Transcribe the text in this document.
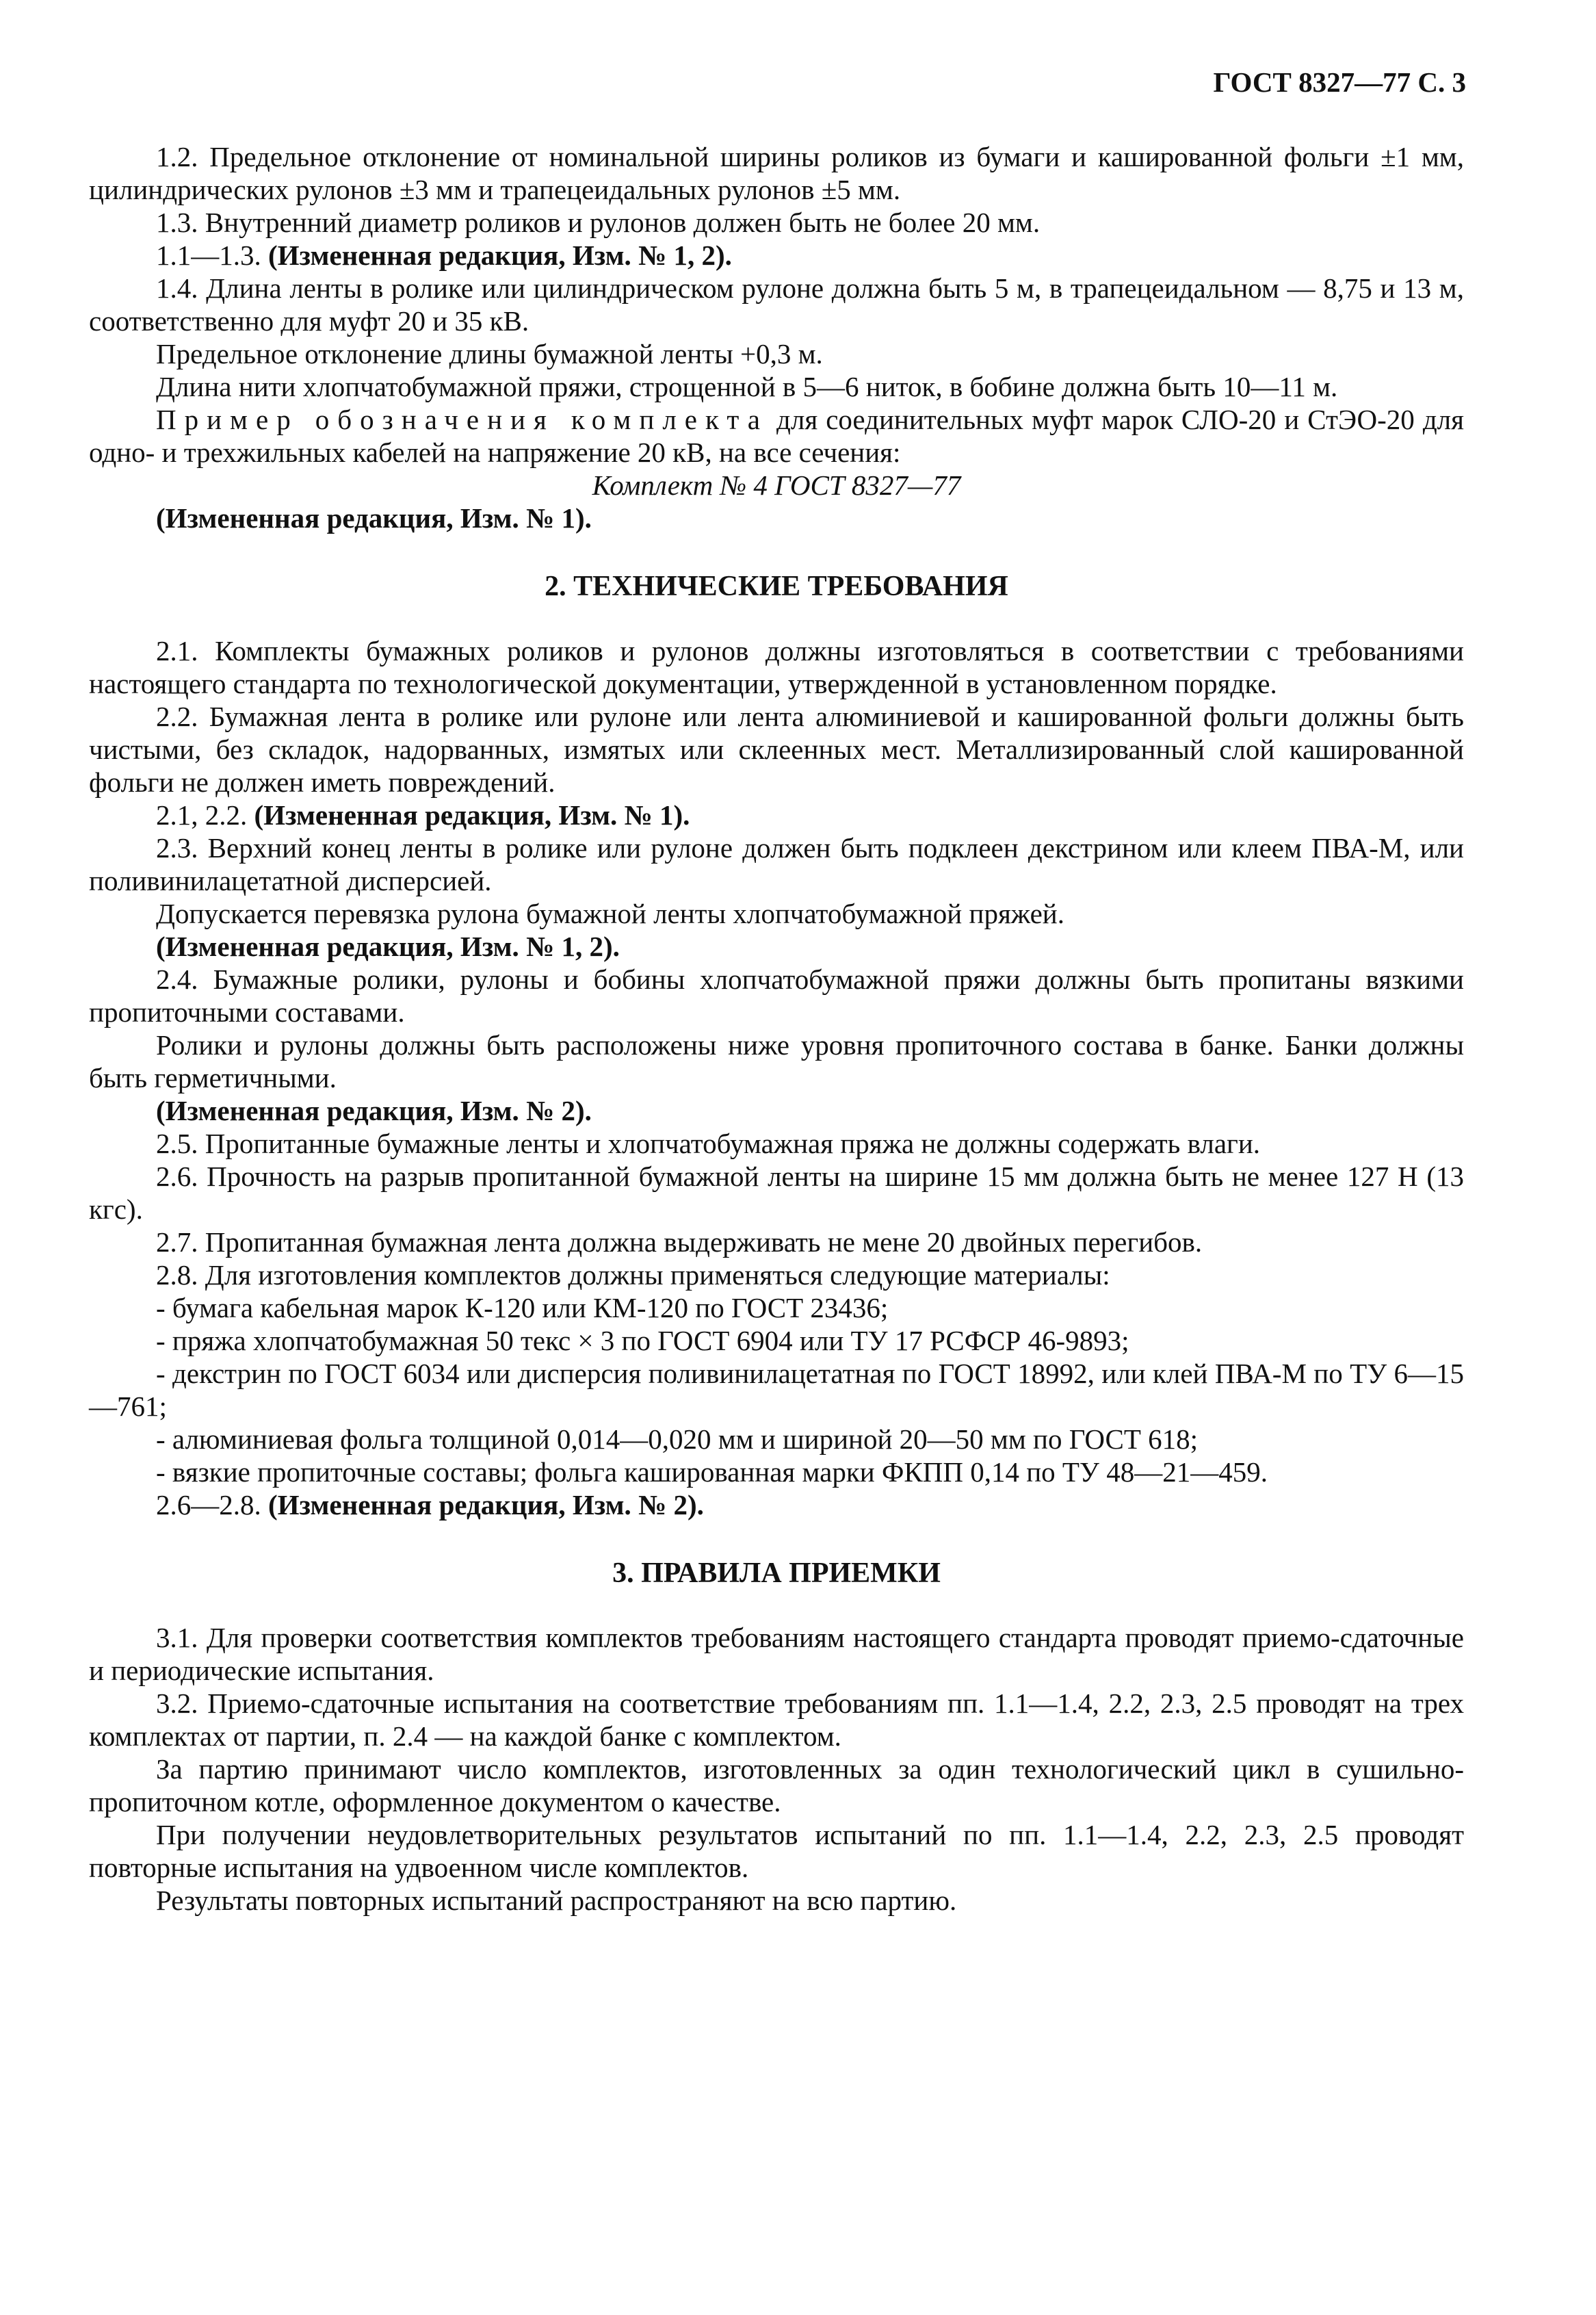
ГОСТ 8327—77 С. 3

1.2. Предельное отклонение от номинальной ширины роликов из бумаги и кашированной фольги ±1 мм, цилиндрических рулонов ±3 мм и трапецеидальных рулонов ±5 мм.

1.3. Внутренний диаметр роликов и рулонов должен быть не более 20 мм.

1.1—1.3. (Измененная редакция, Изм. № 1, 2).

1.4. Длина ленты в ролике или цилиндрическом рулоне должна быть 5 м, в трапецеидальном — 8,75 и 13 м, соответственно для муфт 20 и 35 кВ.

Предельное отклонение длины бумажной ленты +0,3 м.

Длина нити хлопчатобумажной пряжи, строщенной в 5—6 ниток, в бобине должна быть 10—11 м.

Пример обозначения комплекта для соединительных муфт марок СЛО-20 и СтЭО-20 для одно- и трехжильных кабелей на напряжение 20 кВ, на все сечения:

Комплект № 4 ГОСТ 8327—77

(Измененная редакция, Изм. № 1).

2. ТЕХНИЧЕСКИЕ ТРЕБОВАНИЯ

2.1. Комплекты бумажных роликов и рулонов должны изготовляться в соответствии с требованиями настоящего стандарта по технологической документации, утвержденной в установленном порядке.

2.2. Бумажная лента в ролике или рулоне или лента алюминиевой и кашированной фольги должны быть чистыми, без складок, надорванных, измятых или склеенных мест. Металлизированный слой кашированной фольги не должен иметь повреждений.

2.1, 2.2. (Измененная редакция, Изм. № 1).

2.3. Верхний конец ленты в ролике или рулоне должен быть подклеен декстрином или клеем ПВА-М, или поливинилацетатной дисперсией.

Допускается перевязка рулона бумажной ленты хлопчатобумажной пряжей.

(Измененная редакция, Изм. № 1, 2).

2.4. Бумажные ролики, рулоны и бобины хлопчатобумажной пряжи должны быть пропитаны вязкими пропиточными составами.

Ролики и рулоны должны быть расположены ниже уровня пропиточного состава в банке. Банки должны быть герметичными.

(Измененная редакция, Изм. № 2).

2.5. Пропитанные бумажные ленты и хлопчатобумажная пряжа не должны содержать влаги.

2.6. Прочность на разрыв пропитанной бумажной ленты на ширине 15 мм должна быть не менее 127 Н (13 кгс).

2.7. Пропитанная бумажная лента должна выдерживать не мене 20 двойных перегибов.

2.8. Для изготовления комплектов должны применяться следующие материалы:

- бумага кабельная марок К-120 или КМ-120 по ГОСТ 23436;

- пряжа хлопчатобумажная 50 текс × 3 по ГОСТ 6904 или ТУ 17 РСФСР 46-9893;

- декстрин по ГОСТ 6034 или дисперсия поливинилацетатная по ГОСТ 18992, или клей ПВА-М по ТУ 6—15—761;

- алюминиевая фольга толщиной 0,014—0,020 мм и шириной 20—50 мм по ГОСТ 618;

- вязкие пропиточные составы; фольга кашированная марки ФКПП 0,14 по ТУ 48—21—459.

2.6—2.8. (Измененная редакция, Изм. № 2).

3. ПРАВИЛА ПРИЕМКИ

3.1. Для проверки соответствия комплектов требованиям настоящего стандарта проводят приемо-сдаточные и периодические испытания.

3.2. Приемо-сдаточные испытания на соответствие требованиям пп. 1.1—1.4, 2.2, 2.3, 2.5 проводят на трех комплектах от партии, п. 2.4 — на каждой банке с комплектом.

За партию принимают число комплектов, изготовленных за один технологический цикл в сушильно-пропиточном котле, оформленное документом о качестве.

При получении неудовлетворительных результатов испытаний по пп. 1.1—1.4, 2.2, 2.3, 2.5 проводят повторные испытания на удвоенном числе комплектов.

Результаты повторных испытаний распространяют на всю партию.
